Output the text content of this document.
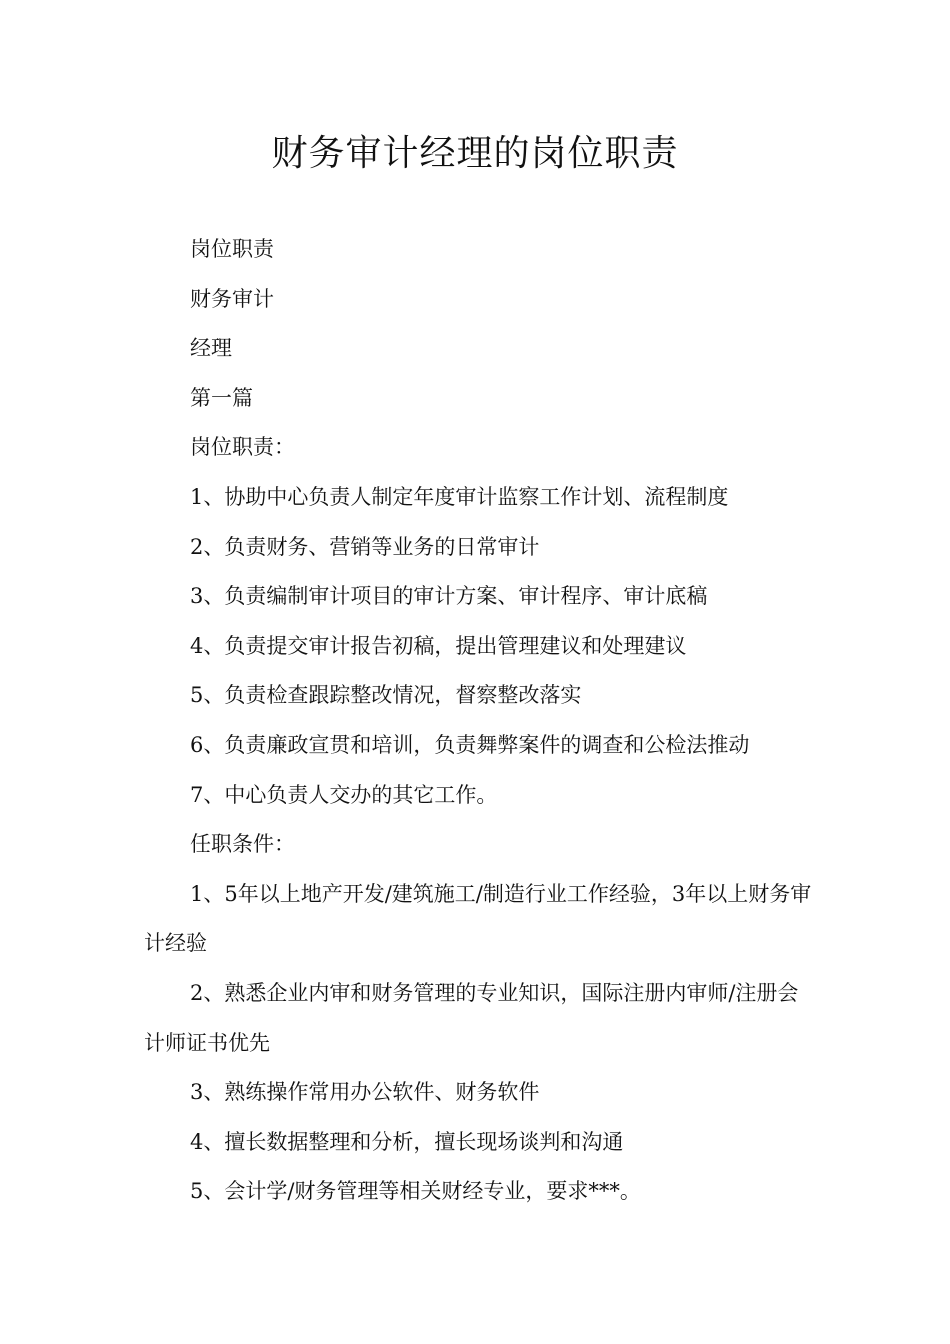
财务审计经理的岗位职责

岗位职责

财务审计

经理

第一篇

岗位职责：

1、协助中心负责人制定年度审计监察工作计划、流程制度

2、负责财务、营销等业务的日常审计

3、负责编制审计项目的审计方案、审计程序、审计底稿

4、负责提交审计报告初稿，提出管理建议和处理建议

5、负责检查跟踪整改情况，督察整改落实

6、负责廉政宣贯和培训，负责舞弊案件的调查和公检法推动

7、中心负责人交办的其它工作。

任职条件：

1、5年以上地产开发/建筑施工/制造行业工作经验，3年以上财务审计经验

2、熟悉企业内审和财务管理的专业知识，国际注册内审师/注册会计师证书优先

3、熟练操作常用办公软件、财务软件

4、擅长数据整理和分析，擅长现场谈判和沟通

5、会计学/财务管理等相关财经专业，要求***。
